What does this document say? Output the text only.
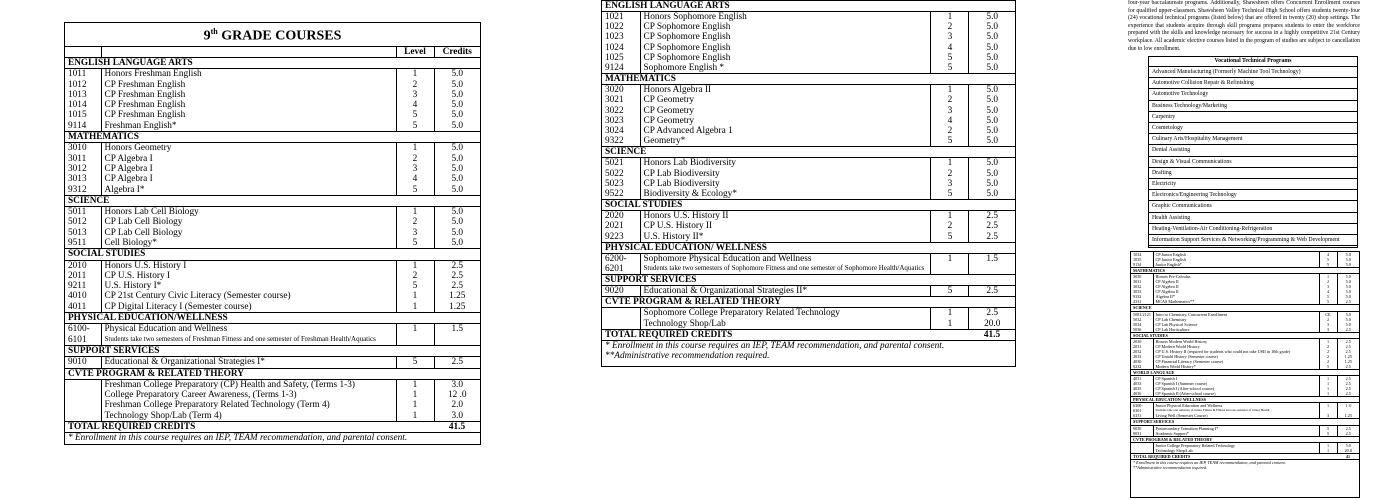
9th GRADE COURSES
		Level	Credits
ENGLISH LANGUAGE ARTS			
1011	Honors Freshman English	1	5.0
1012	CP Freshman English	2	5.0
1013	CP Freshman English	3	5.0
1014	CP Freshman English	4	5.0
1015	CP Freshman English	5	5.0
9114	Freshman English*	5	5.0
MATHEMATICS			
3010	Honors Geometry	1	5.0
3011	CP Algebra I	2	5.0
3012	CP Algebra I	3	5.0
3013	CP Algebra I	4	5.0
9312	Algebra I*	5	5.0
SCIENCE			
5011	Honors Lab Cell Biology	1	5.0
5012	CP Lab Cell Biology	2	5.0
5013	CP Lab Cell Biology	3	5.0
9511	Cell Biology*	5	5.0
SOCIAL STUDIES			
2010	Honors U.S. History I	1	2.5
2011	CP U.S. History I	2	2.5
9211	U.S. History I*	5	2.5
4010	CP 21st Century Civic Literacy (Semester course)	1	1.25
4011	CP Digital Literacy I (Semester course)	1	1.25
PHYSICAL EDUCATION/WELLNESS			
6100-
6101	Physical Education and Wellness
Students take two semesters of Freshman Fitness and one semester of Freshman Health/Aquatics	1	1.5
SUPPORT SERVICES			
9010	Educational & Organizational Strategies I*	5	2.5
CVTE PROGRAM & RELATED THEORY			
	Freshman College Preparatory (CP) Health and Safety, (Terms 1-3)	1	3.0
	College Preparatory Career Awareness, (Terms 1-3)	1	12 .0
	Freshman College Preparatory Related Technology (Term 4)	1	2.0
	Technology Shop/Lab (Term 4)	1	3.0
TOTAL REQUIRED CREDITS			41.5
* Enrollment in this course requires an IEP, TEAM recommendation, and parental consent.			
ENGLISH LANGUAGE ARTS			
1021	Honors Sophomore English	1	5.0
1022	CP Sophomore English	2	5.0
1023	CP Sophomore English	3	5.0
1024	CP Sophomore English	4	5.0
1025	CP Sophomore English	5	5.0
9124	Sophomore English *	5	5.0
MATHEMATICS			
3020	Honors Algebra II	1	5.0
3021	CP Geometry	2	5.0
3022	CP Geometry	3	5.0
3023	CP Geometry	4	5.0
3024	CP Advanced Algebra 1	2	5.0
9322	Geometry*	5	5.0
SCIENCE			
5021	Honors Lab Biodiversity	1	5.0
5022	CP Lab Biodiversity	2	5.0
5023	CP Lab Biodiversity	3	5.0
9522	Biodiversity & Ecology*	5	5.0
SOCIAL STUDIES			
2020	Honors U.S. History II	1	2.5
2021	CP U.S. History II	2	2.5
9223	U.S. History II*	5	2.5
PHYSICAL EDUCATION/ WELLNESS			
6200-
6201	Sophomore Physical Education and Wellness
Students take two semesters of Sophomore Fitness and one semester of Sophomore Health/Aquatics	1	1.5
SUPPORT SERVICES			
9020	Educational & Organizational Strategies II*	5	2.5
CVTE PROGRAM & RELATED THEORY			
	Sophomore College Preparatory Related Technology	1	2.5
	Technology Shop/Lab	1	20.0
TOTAL REQUIRED CREDITS			41.5
* Enrollment in this course requires an IEP, TEAM recommendation, and parental consent.			
**Administrative recommendation required.			
four-year baccalaureate programs. Additionally, Shawsheen offers Concurrent Enrollment courses for qualified upper-classmen. Shawsheen Valley Technical High School offers students twenty-four (24) vocational technical programs (listed below) that are offered in twenty (20) shop settings. The experience that students acquire through skill programs prepares students to enter the workforce prepared with the skills and knowledge necessary for success in a highly competitive 21st Century workplace. All academic elective courses listed in the program of studies are subject to cancellation due to low enrollment.
Vocational Technical Programs
Advanced Manufacturing (Formerly Machine Tool Technology)
Automotive Collision Repair & Refinishing
Automotive Technology
Business Technology/Marketing
Carpentry
Cosmetology
Culinary Arts/Hospitality Management
Dental Assisting
Design & Visual Communications
Drafting
Electricity
Electronics/Engineering Technology
Graphic Communications
Health Assisting
Heating-Ventilation-Air Conditioning-Refrigeration
Information Support Services & Networking/Programming & Web Development
1034	CP Junior English	4	5.0
1035	CP Junior English	5	5.0
9134	Junior English*	5	5.0
MATHEMATICS			
3030	Honors Pre-Calculus	1	5.0
3031	CP Algebra II	2	5.0
3032	CP Algebra II	3	5.0
3033	CP Algebra II	4	5.0
9332	Algebra II*	5	5.0
4331	MCAS Mathematics**	5	2.5
SCIENCE			
5081/2121	Intro to Chemistry, Concurrent Enrollment	CE	5.0
5032	CP Lab Chemistry	2	5.0
5034	CP Lab Physical Science	3	5.0
5036	CP Lab Horticulture	3	2.5
SOCIAL STUDIES			
2030	Honors Modern World History	1	2.5
2031	CP Modern World History	2	2.5
2032	CP U.S. History II (required for students who could not take USII in 10th grade)	2	2.5
2033	CP Untold History (Semester course)	2	1.25
4030	CP Financial Literacy (Semester course)	2	1.25
9232	Modern World History*	5	2.5
WORLD LANGUAGE			
4031	CP Spanish I	1	2.5
4033	CP Spanish I (Summer course)	1	2.5
4035	CP Spanish I (After-school course)	1	2.5
4036	CP Spanish II (After-school course)	1	2.5
PHYSICAL EDUCATION/ WELLNESS			
6300-
6301	Junior Physical Education and Wellness
Students take one semester of Junior Fitness & Fitness and one semester of Junior Health	1	1 .0
6331	Living Well (Semester Course)	3	1.25
SUPPORT SERVICES			
9030	Postsecondary Transition Planning I*	5	2.5
9031	Academic Support*	5	2.5
CVTE PROGRAM & RELATED THEORY			
	Junior College Preparatory Related Technology	1	5.0
	Technology Shop/Lab	1	20.0
TOTAL REQUIRED CREDITS			41
* Enrollment in this course requires an IEP, TEAM recommendation, and parental consent.			
**Administrative recommendation required.			
